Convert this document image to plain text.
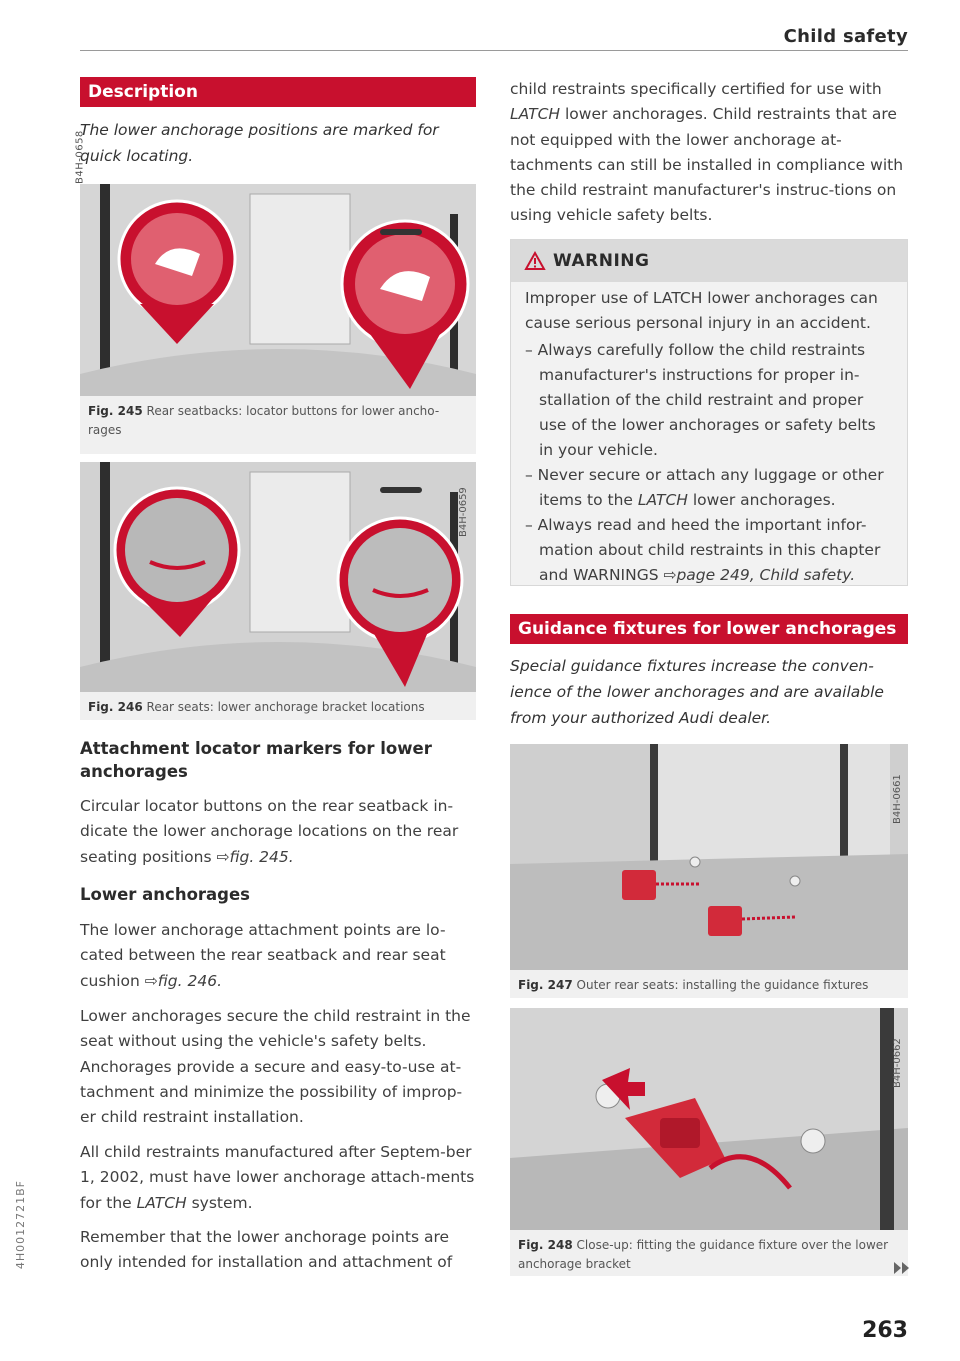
Child safety
Description
The lower anchorage positions are marked for quick locating.
B4H-0658
Fig. 245 Rear seatbacks: locator buttons for lower ancho-rages
B4H-0659
Fig. 246 Rear seats: lower anchorage bracket locations
Attachment locator markers for lower anchorages
Circular locator buttons on the rear seatback in-dicate the lower anchorage locations on the rear seating positions ⇨fig. 245.
Lower anchorages
The lower anchorage attachment points are lo-cated between the rear seatback and rear seat cushion ⇨fig. 246.
Lower anchorages secure the child restraint in the seat without using the vehicle's safety belts. Anchorages provide a secure and easy-to-use at-tachment and minimize the possibility of improp-er child restraint installation.
All child restraints manufactured after Septem-ber 1, 2002, must have lower anchorage attach-ments for the LATCH system.
Remember that the lower anchorage points are only intended for installation and attachment of
child restraints specifically certified for use with LATCH lower anchorages. Child restraints that are not equipped with the lower anchorage at-tachments can still be installed in compliance with the child restraint manufacturer's instruc-tions on using vehicle safety belts.
WARNING
Improper use of LATCH lower anchorages can cause serious personal injury in an accident.
– Always carefully follow the child restraints manufacturer's instructions for proper in-stallation of the child restraint and proper use of the lower anchorages or safety belts in your vehicle.
– Never secure or attach any luggage or other items to the LATCH lower anchorages.
– Always read and heed the important infor-mation about child restraints in this chapter and WARNINGS ⇨page 249, Child safety.
Guidance fixtures for lower anchorages
Special guidance fixtures increase the conven-ience of the lower anchorages and are available from your authorized Audi dealer.
B4H-0661
Fig. 247 Outer rear seats: installing the guidance fixtures
B4H-0662
Fig. 248 Close-up: fitting the guidance fixture over the lower anchorage bracket
263
4H0012721BF
